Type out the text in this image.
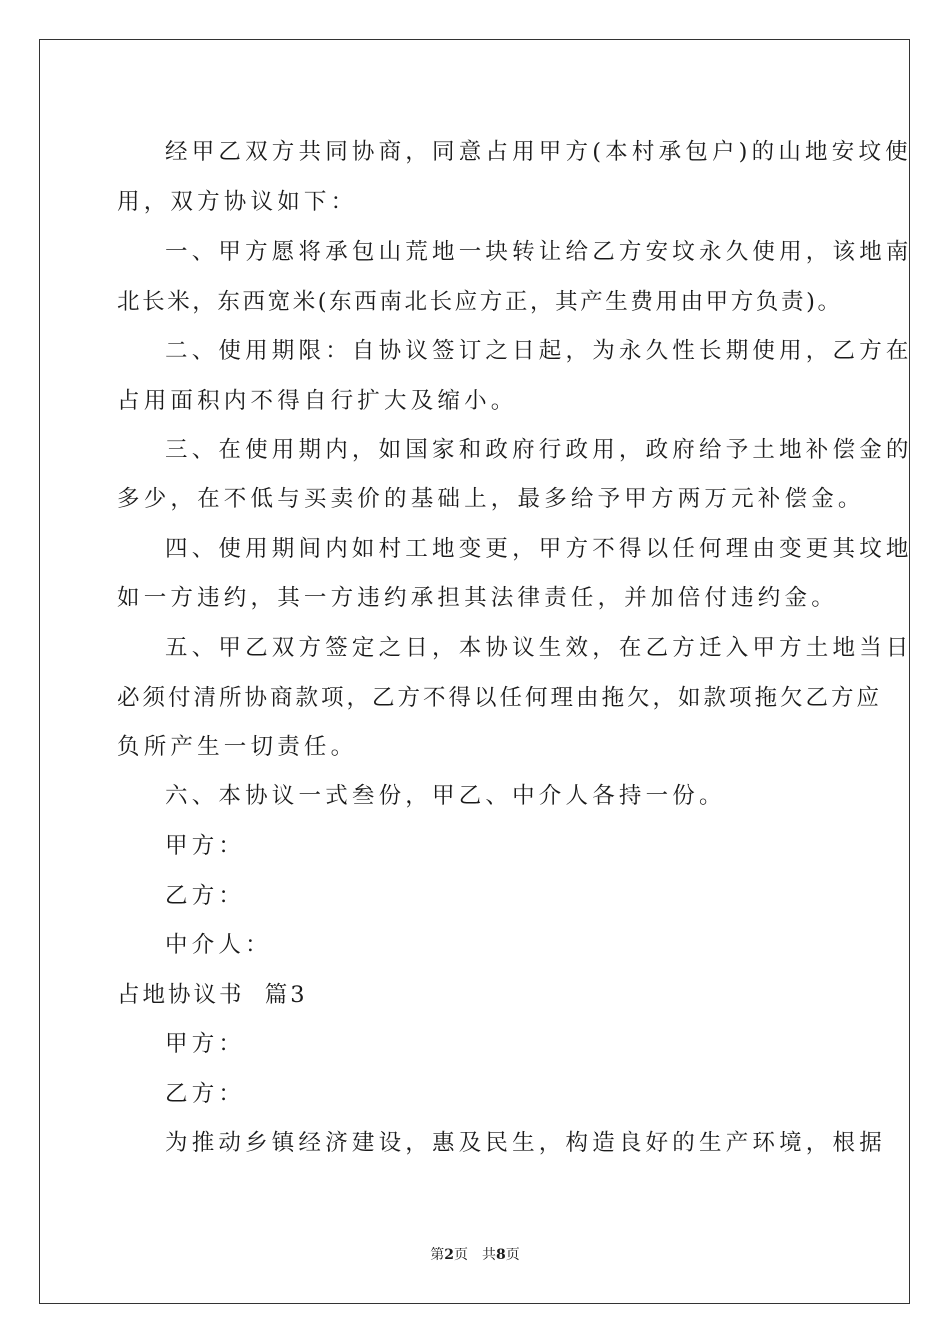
经甲乙双方共同协商，同意占用甲方(本村承包户)的山地安坟使
用，双方协议如下：
一、甲方愿将承包山荒地一块转让给乙方安坟永久使用，该地南
北长米，东西宽米(东西南北长应方正，其产生费用由甲方负责)。
二、使用期限：自协议签订之日起，为永久性长期使用，乙方在
占用面积内不得自行扩大及缩小。
三、在使用期内，如国家和政府行政用，政府给予土地补偿金的
多少，在不低与买卖价的基础上，最多给予甲方两万元补偿金。
四、使用期间内如村工地变更，甲方不得以任何理由变更其坟地
如一方违约，其一方违约承担其法律责任，并加倍付违约金。
五、甲乙双方签定之日，本协议生效，在乙方迁入甲方土地当日
必须付清所协商款项，乙方不得以任何理由拖欠，如款项拖欠乙方应
负所产生一切责任。
六、本协议一式叁份，甲乙、中介人各持一份。
甲方：
乙方：
中介人：
占地协议书  篇3
甲方：
乙方：
为推动乡镇经济建设，惠及民生，构造良好的生产环境，根据
第2页 共8页
